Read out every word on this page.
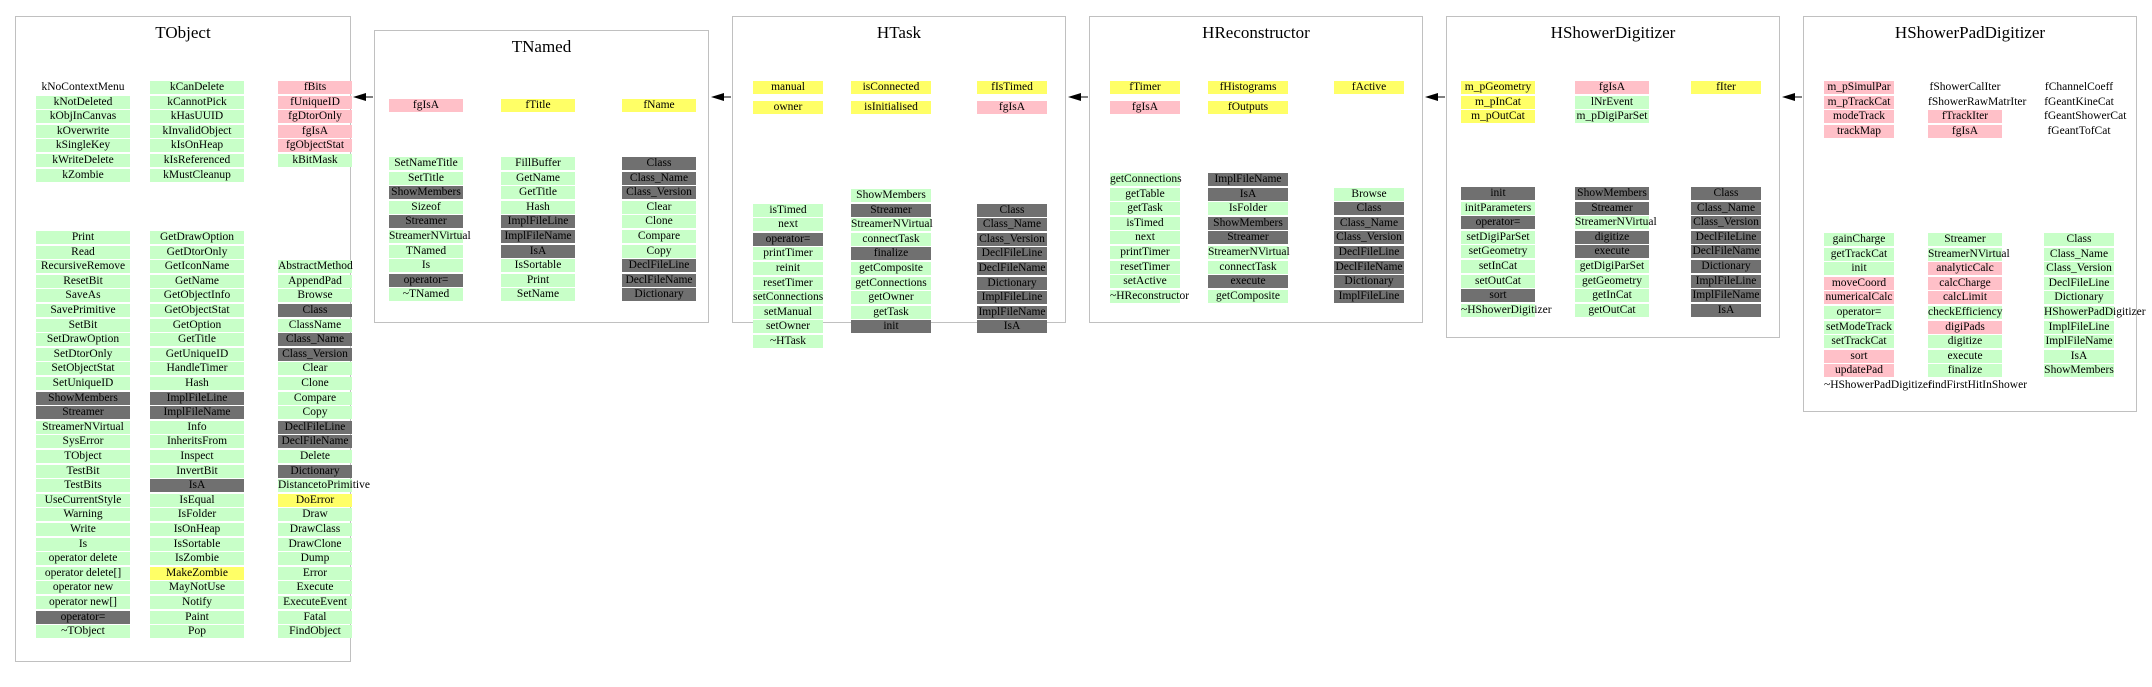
TObject
kNoContextMenu
kNotDeleted
kObjInCanvas
kOverwrite
kSingleKey
kWriteDelete
kZombie
kCanDelete
kCannotPick
kHasUUID
kInvalidObject
kIsOnHeap
kIsReferenced
kMustCleanup
fBits
fUniqueID
fgDtorOnly
fgIsA
fgObjectStat
kBitMask
Print
Read
RecursiveRemove
ResetBit
SaveAs
SavePrimitive
SetBit
SetDrawOption
SetDtorOnly
SetObjectStat
SetUniqueID
ShowMembers
Streamer
StreamerNVirtual
SysError
TObject
TestBit
TestBits
UseCurrentStyle
Warning
Write
Is
operator delete
operator delete[]
operator new
operator new[]
operator=
~TObject
GetDrawOption
GetDtorOnly
GetIconName
GetName
GetObjectInfo
GetObjectStat
GetOption
GetTitle
GetUniqueID
HandleTimer
Hash
ImplFileLine
ImplFileName
Info
InheritsFrom
Inspect
InvertBit
IsA
IsEqual
IsFolder
IsOnHeap
IsSortable
IsZombie
MakeZombie
MayNotUse
Notify
Paint
Pop
AbstractMethod
AppendPad
Browse
Class
ClassName
Class_Name
Class_Version
Clear
Clone
Compare
Copy
DeclFileLine
DeclFileName
Delete
Dictionary
DistancetoPrimitive
DoError
Draw
DrawClass
DrawClone
Dump
Error
Execute
ExecuteEvent
Fatal
FindObject
TNamed
fgIsA	fTitle	fName
SetNameTitle
SetTitle
ShowMembers
Sizeof
Streamer
StreamerNVirtual
TNamed
Is
operator=
~TNamed
FillBuffer
GetName
GetTitle
Hash
ImplFileLine
ImplFileName
IsA
IsSortable
Print
SetName
Class
Class_Name
Class_Version
Clear
Clone
Compare
Copy
DeclFileLine
DeclFileName
Dictionary
HTask
manual
owner
isConnected
isInitialised
fIsTimed
fgIsA
isTimed
next
operator=
printTimer
reinit
resetTimer
setConnections
setManual
setOwner
~HTask
ShowMembers
Streamer
StreamerNVirtual
connectTask
finalize
getComposite
getConnections
getOwner
getTask
init
Class
Class_Name
Class_Version
DeclFileLine
DeclFileName
Dictionary
ImplFileLine
ImplFileName
IsA
HReconstructor
fTimer
fgIsA
fHistograms
fOutputs
fActive
getConnections
getTable
getTask
isTimed
next
printTimer
resetTimer
setActive
~HReconstructor
ImplFileName
IsA
IsFolder
ShowMembers
Streamer
StreamerNVirtual
connectTask
execute
getComposite
Browse
Class
Class_Name
Class_Version
DeclFileLine
DeclFileName
Dictionary
ImplFileLine
HShowerDigitizer
m_pGeometry
m_pInCat
m_pOutCat
fgIsA
lNrEvent
m_pDigiParSet
fIter
init
initParameters
operator=
setDigiParSet
setGeometry
setInCat
setOutCat
sort
~HShowerDigitizer
ShowMembers
Streamer
StreamerNVirtual
digitize
execute
getDigiParSet
getGeometry
getInCat
getOutCat
Class
Class_Name
Class_Version
DeclFileLine
DeclFileName
Dictionary
ImplFileLine
ImplFileName
IsA
HShowerPadDigitizer
m_pSimulPar
m_pTrackCat
modeTrack
trackMap
fShowerCalIter
fShowerRawMatrIter
fTrackIter
fgIsA
fChannelCoeff
fGeantKineCat
fGeantShowerCat
fGeantTofCat
gainCharge
getTrackCat
init
moveCoord
numericalCalc
operator=
setModeTrack
setTrackCat
sort
updatePad
~HShowerPadDigitizer
Streamer
StreamerNVirtual
analyticCalc
calcCharge
calcLimit
checkEfficiency
digiPads
digitize
execute
finalize
findFirstHitInShower
Class
Class_Name
Class_Version
DeclFileLine
Dictionary
HShowerPadDigitizer
ImplFileLine
ImplFileName
IsA
ShowMembers
